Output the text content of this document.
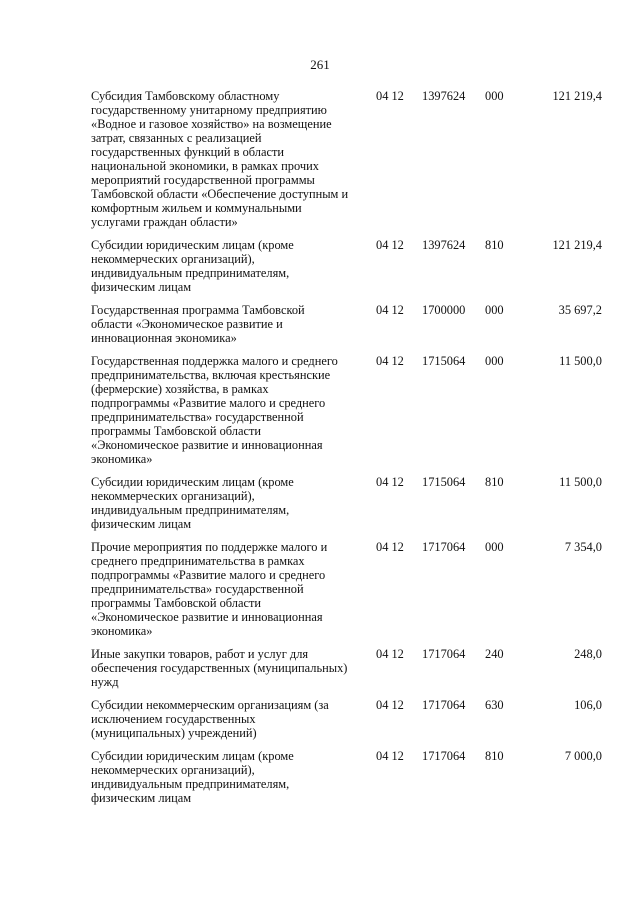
261
Субсидия Тамбовскому областному государственному унитарному предприятию «Водное и газовое хозяйство» на возмещение затрат, связанных с реализацией государственных функций в области национальной экономики, в рамках прочих мероприятий государственной программы Тамбовской области «Обеспечение доступным и комфортным жильем и коммунальными услугами граждан области»	04 12	1397624	000	121 219,4
Субсидии юридическим лицам (кроме некоммерческих организаций), индивидуальным предпринимателям, физическим лицам	04 12	1397624	810	121 219,4
Государственная программа Тамбовской области «Экономическое развитие и инновационная экономика»	04 12	1700000	000	35 697,2
Государственная поддержка малого и среднего предпринимательства, включая крестьянские (фермерские) хозяйства, в рамках подпрограммы «Развитие малого и среднего предпринимательства» государственной программы Тамбовской области «Экономическое развитие и инновационная экономика»	04 12	1715064	000	11 500,0
Субсидии юридическим лицам (кроме некоммерческих организаций), индивидуальным предпринимателям, физическим лицам	04 12	1715064	810	11 500,0
Прочие мероприятия по поддержке малого и среднего предпринимательства в рамках подпрограммы «Развитие малого и среднего предпринимательства» государственной программы Тамбовской области «Экономическое развитие и инновационная экономика»	04 12	1717064	000	7 354,0
Иные закупки товаров, работ и услуг для обеспечения государственных (муниципальных) нужд	04 12	1717064	240	248,0
Субсидии некоммерческим организациям (за исключением государственных (муниципальных) учреждений)	04 12	1717064	630	106,0
Субсидии юридическим лицам (кроме некоммерческих организаций), индивидуальным предпринимателям, физическим лицам	04 12	1717064	810	7 000,0
